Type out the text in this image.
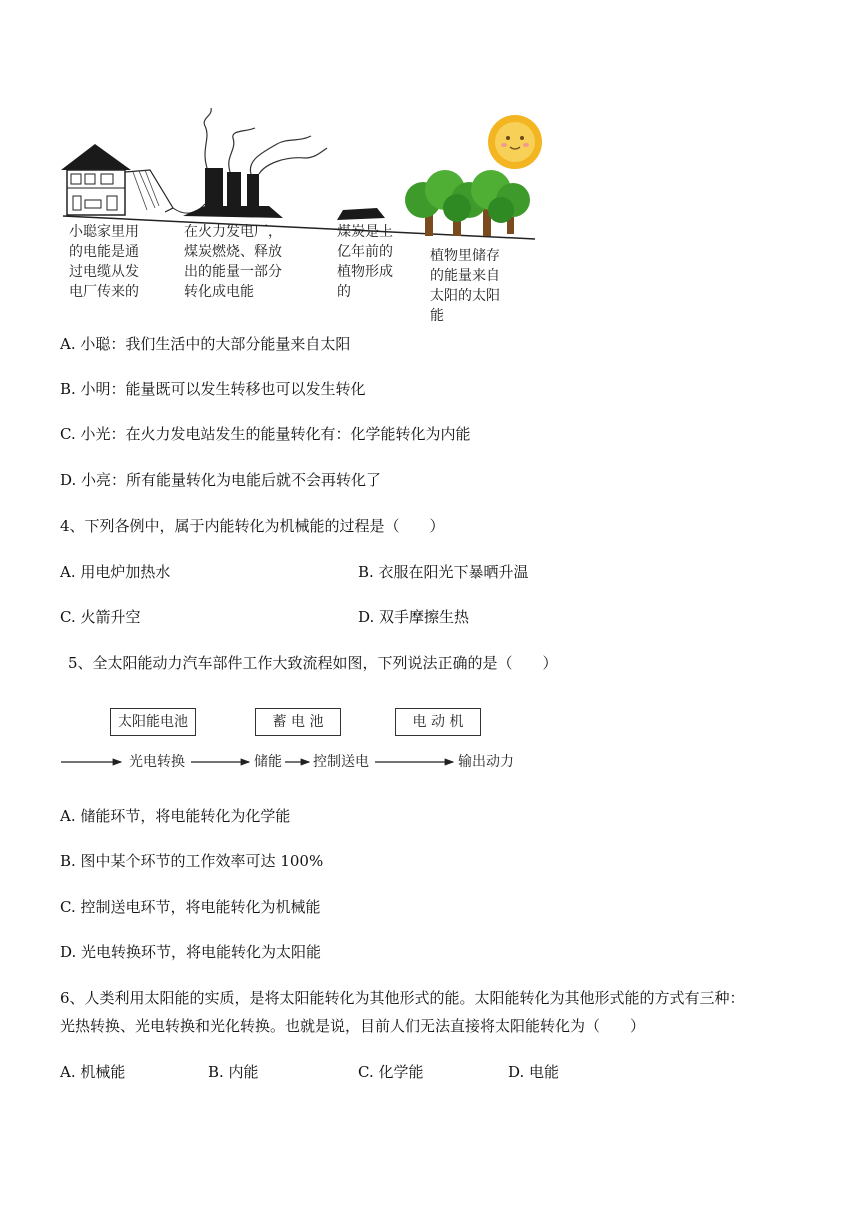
小聪家里用
的电能是通
过电缆从发
电厂传来的
在火力发电厂，
煤炭燃烧、释放
出的能量一部分
转化成电能
煤炭是上
亿年前的
植物形成
的
植物里储存
的能量来自
太阳的太阳
能
A. 小聪：我们生活中的大部分能量来自太阳
B. 小明：能量既可以发生转移也可以发生转化
C. 小光：在火力发电站发生的能量转化有：化学能转化为内能
D. 小亮：所有能量转化为电能后就不会再转化了
4、下列各例中，属于内能转化为机械能的过程是（　　）
A. 用电炉加热水	B. 衣服在阳光下暴晒升温
C. 火箭升空	D. 双手摩擦生热
5、全太阳能动力汽车部件工作大致流程如图，下列说法正确的是（　　）
太阳能电池	蓄 电 池	电 动 机
光电转换	储能 控制送电	输出动力
A. 储能环节，将电能转化为化学能
B. 图中某个环节的工作效率可达 100%
C. 控制送电环节，将电能转化为机械能
D. 光电转换环节，将电能转化为太阳能
6、人类利用太阳能的实质，是将太阳能转化为其他形式的能。太阳能转化为其他形式能的方式有三种：
光热转换、光电转换和光化转换。也就是说，目前人们无法直接将太阳能转化为（　　）
A. 机械能	B. 内能	C. 化学能	D. 电能
